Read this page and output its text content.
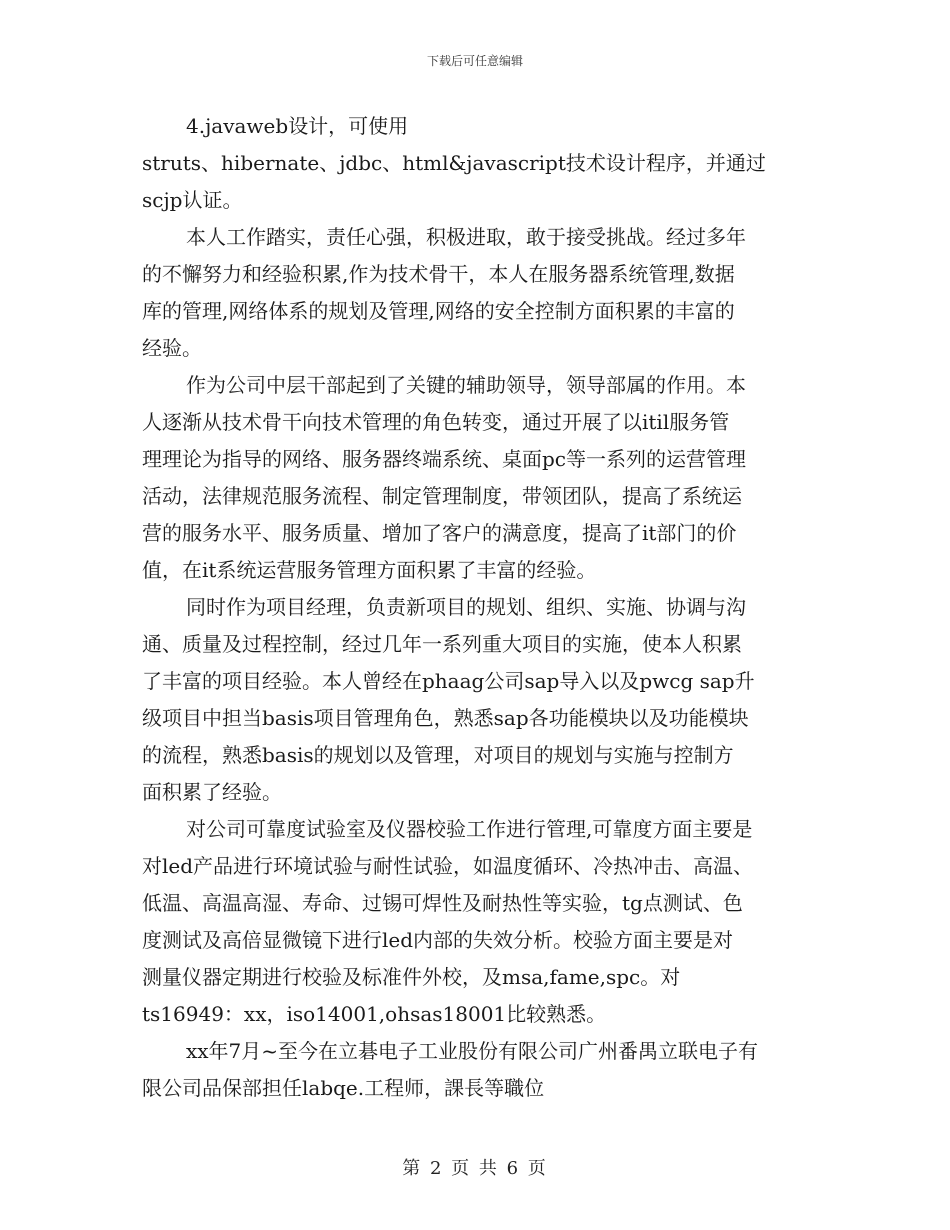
下载后可任意编辑
4.javaweb设计，可使用
struts、hibernate、jdbc、html&javascript技术设计程序，并通过
scjp认证。
本人工作踏实，责任心强，积极进取，敢于接受挑战。经过多年
的不懈努力和经验积累,作为技术骨干，本人在服务器系统管理,数据
库的管理,网络体系的规划及管理,网络的安全控制方面积累的丰富的
经验。
作为公司中层干部起到了关键的辅助领导，领导部属的作用。本
人逐渐从技术骨干向技术管理的角色转变，通过开展了以itil服务管
理理论为指导的网络、服务器终端系统、桌面pc等一系列的运营管理
活动，法律规范服务流程、制定管理制度，带领团队，提高了系统运
营的服务水平、服务质量、增加了客户的满意度，提高了it部门的价
值，在it系统运营服务管理方面积累了丰富的经验。
同时作为项目经理，负责新项目的规划、组织、实施、协调与沟
通、质量及过程控制，经过几年一系列重大项目的实施，使本人积累
了丰富的项目经验。本人曾经在phaag公司sap导入以及pwcg sap升
级项目中担当basis项目管理角色，熟悉sap各功能模块以及功能模块
的流程，熟悉basis的规划以及管理，对项目的规划与实施与控制方
面积累了经验。
对公司可靠度试验室及仪器校验工作进行管理,可靠度方面主要是
对led产品进行环境试验与耐性试验，如温度循环、冷热冲击、高温、
低温、高温高湿、寿命、过锡可焊性及耐热性等实验，tg点测试、色
度测试及高倍显微镜下进行led内部的失效分析。校验方面主要是对
测量仪器定期进行校验及标准件外校，及msa,fame,spc。对
ts16949：xx，iso14001,ohsas18001比较熟悉。
xx年7月~至今在立碁电子工业股份有限公司广州番禺立联电子有
限公司品保部担任labqe.工程师，課長等職位
第 2 页 共 6 页
